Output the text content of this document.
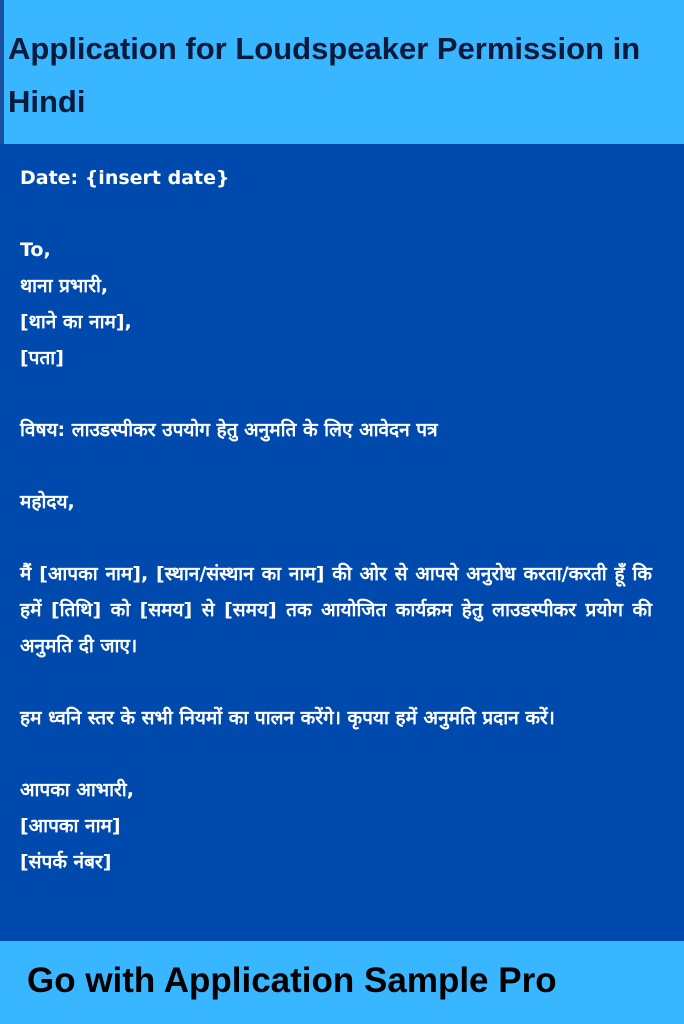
Application for Loudspeaker Permission in Hindi
Date: {insert date}
To,
थाना प्रभारी,
[थाने का नाम],
[पता]
विषय: लाउडस्पीकर उपयोग हेतु अनुमति के लिए आवेदन पत्र
महोदय,
मैं [आपका नाम], [स्थान/संस्थान का नाम] की ओर से आपसे अनुरोध करता/करती हूँ कि हमें [तिथि] को [समय] से [समय] तक आयोजित कार्यक्रम हेतु लाउडस्पीकर प्रयोग की अनुमति दी जाए।
हम ध्वनि स्तर के सभी नियमों का पालन करेंगे। कृपया हमें अनुमति प्रदान करें।
आपका आभारी,
[आपका नाम]
[संपर्क नंबर]

Go with Application Sample Pro
